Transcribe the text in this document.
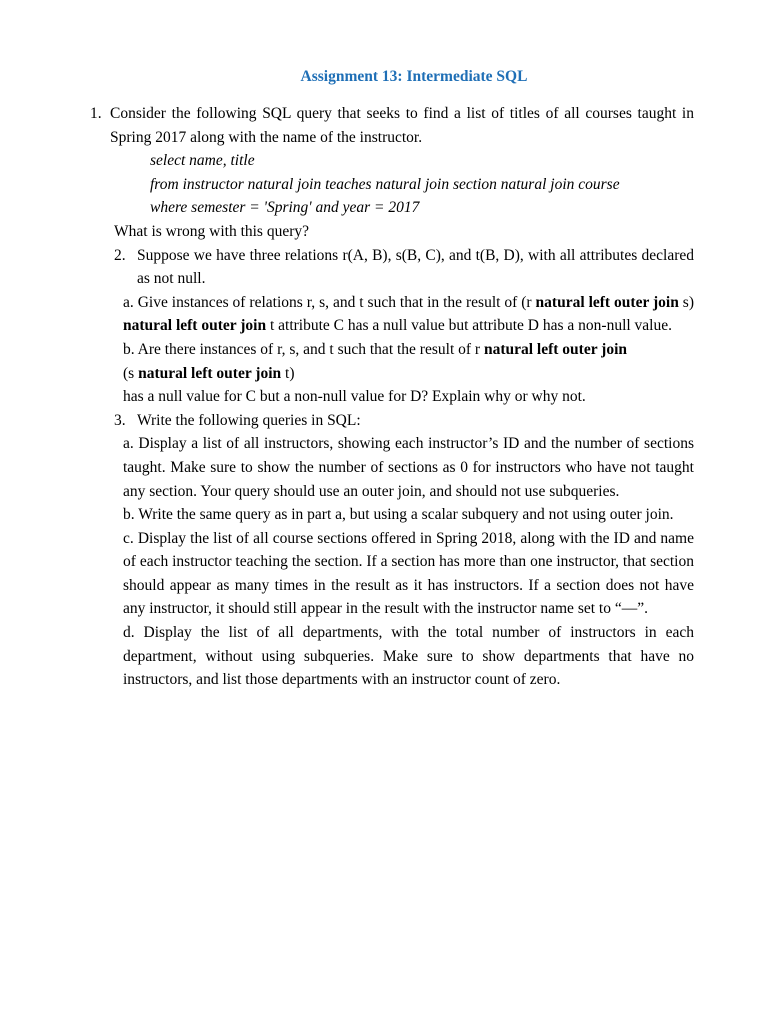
Assignment 13: Intermediate SQL
1. Consider the following SQL query that seeks to find a list of titles of all courses taught in Spring 2017 along with the name of the instructor.
select name, title
from instructor natural join teaches natural join section natural join course
where semester = 'Spring' and year = 2017
What is wrong with this query?
2. Suppose we have three relations r(A, B), s(B, C), and t(B, D), with all attributes declared as not null.
a. Give instances of relations r, s, and t such that in the result of (r natural left outer join s) natural left outer join t attribute C has a null value but attribute D has a non-null value.
b. Are there instances of r, s, and t such that the result of r natural left outer join
(s natural left outer join t)
has a null value for C but a non-null value for D? Explain why or why not.
3. Write the following queries in SQL:
a. Display a list of all instructors, showing each instructor’s ID and the number of sections taught. Make sure to show the number of sections as 0 for instructors who have not taught any section. Your query should use an outer join, and should not use subqueries.
b. Write the same query as in part a, but using a scalar subquery and not using outer join.
c. Display the list of all course sections offered in Spring 2018, along with the ID and name of each instructor teaching the section. If a section has more than one instructor, that section should appear as many times in the result as it has instructors. If a section does not have any instructor, it should still appear in the result with the instructor name set to “—”.
d. Display the list of all departments, with the total number of instructors in each department, without using subqueries. Make sure to show departments that have no instructors, and list those departments with an instructor count of zero.
